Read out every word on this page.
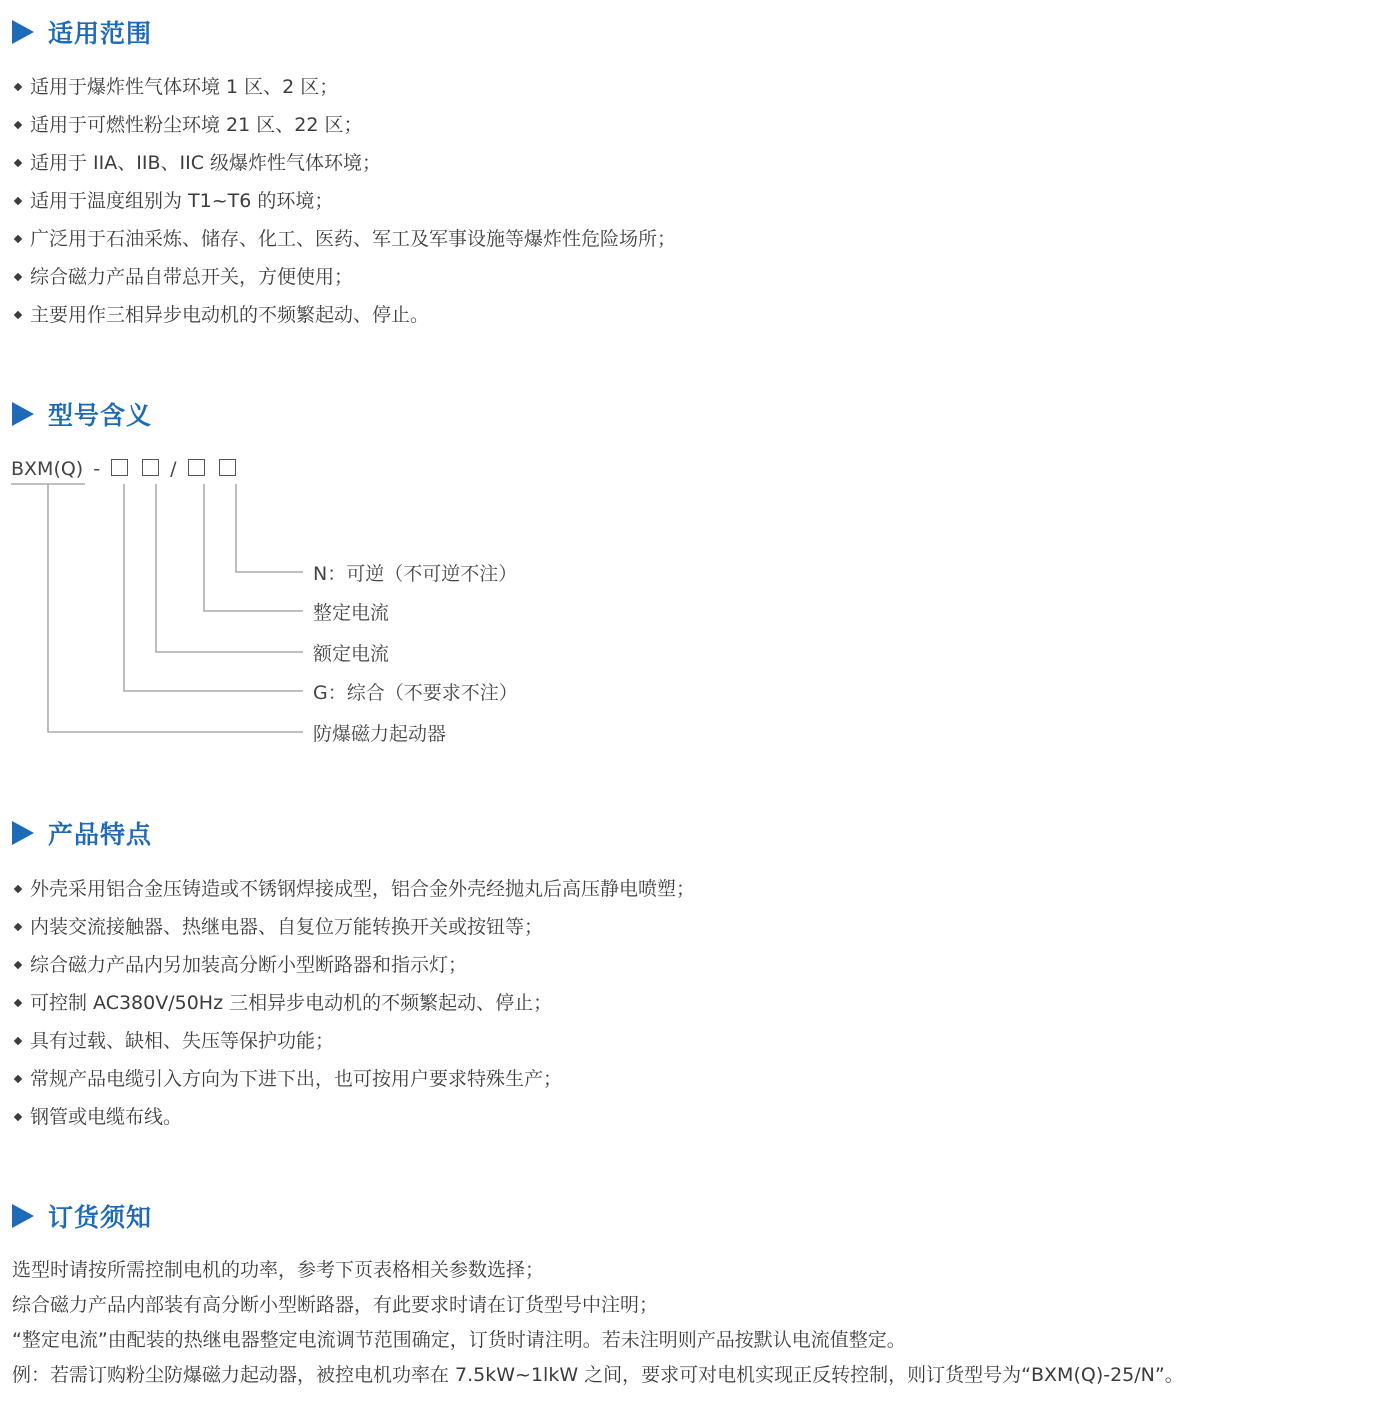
适用范围
适用于爆炸性气体环境 1 区、2 区；
适用于可燃性粉尘环境 21 区、22 区；
适用于 IIA、IIB、IIC 级爆炸性气体环境；
适用于温度组别为 T1~T6 的环境；
广泛用于石油采炼、储存、化工、医药、军工及军事设施等爆炸性危险场所；
综合磁力产品自带总开关，方便使用；
主要用作三相异步电动机的不频繁起动、停止。
型号含义
BXM(Q) -	/
N：可逆（不可逆不注）
整定电流
额定电流
G：综合（不要求不注）
防爆磁力起动器
产品特点
外壳采用铝合金压铸造或不锈钢焊接成型，铝合金外壳经抛丸后高压静电喷塑；
内装交流接触器、热继电器、自复位万能转换开关或按钮等；
综合磁力产品内另加装高分断小型断路器和指示灯；
可控制 AC380V/50Hz 三相异步电动机的不频繁起动、停止；
具有过载、缺相、失压等保护功能；
常规产品电缆引入方向为下进下出，也可按用户要求特殊生产；
钢管或电缆布线。
订货须知
选型时请按所需控制电机的功率，参考下页表格相关参数选择；
综合磁力产品内部装有高分断小型断路器，有此要求时请在订货型号中注明；
“整定电流”由配装的热继电器整定电流调节范围确定，订货时请注明。若未注明则产品按默认电流值整定。
例：若需订购粉尘防爆磁力起动器，被控电机功率在 7.5kW~1lkW 之间，要求可对电机实现正反转控制，则订货型号为“BXM(Q)-25/N”。
